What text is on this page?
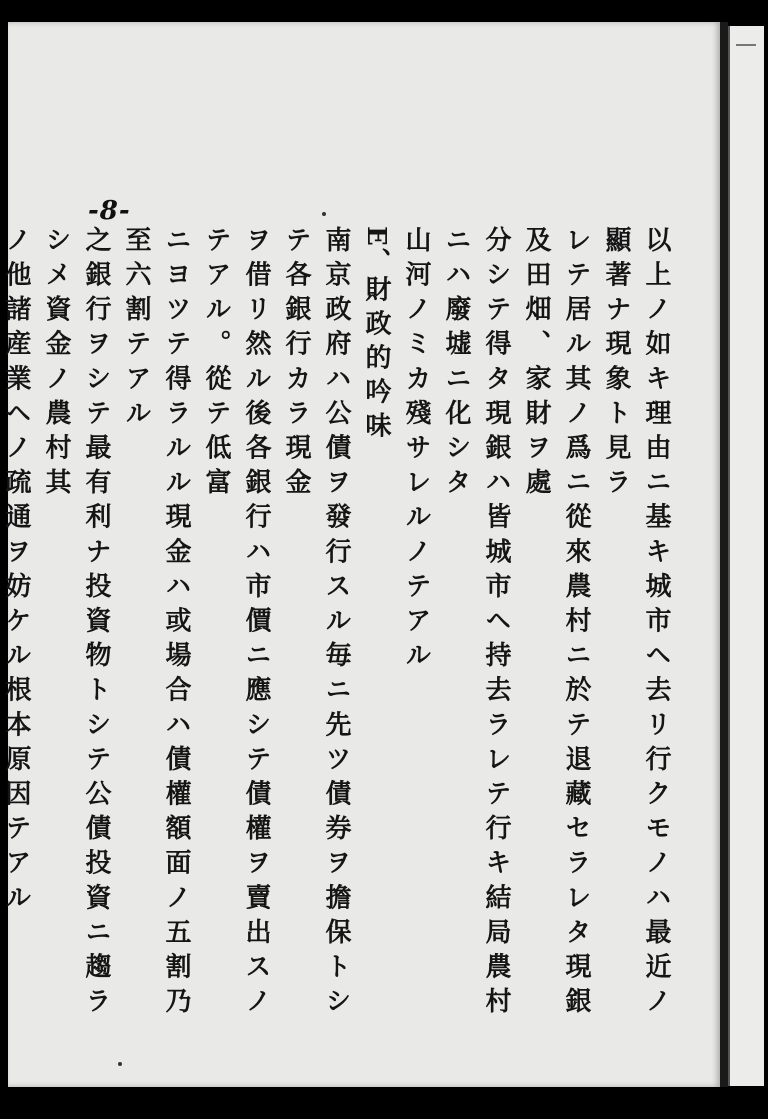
-8-
以上ノ如キ理由ニ基キ城市ヘ去リ行クモノハ最近ノ顯著ナ現象ト見ラ
レテ居ル其ノ爲ニ從來農村ニ於テ退藏セラレタ現銀及田畑、家財ヲ處
分シテ得タ現銀ハ皆城市ヘ持去ラレテ行キ結局農村ニハ廢墟ニ化シタ
山河ノミカ殘サレルノテアル
E、財政的吟味
南京政府ハ公債ヲ發行スル毎ニ先ツ債券ヲ擔保トシテ各銀行カラ現金
ヲ借リ然ル後各銀行ハ市價ニ應シテ債權ヲ賣出スノテアル。從テ低富
ニヨツテ得ラルル現金ハ或場合ハ債權額面ノ五割乃至六割テアル
之銀行ヲシテ最有利ナ投資物トシテ公債投資ニ趨ラシメ資金ノ農村其
ノ他諸産業ヘノ疏通ヲ妨ケル根本原因テアル
